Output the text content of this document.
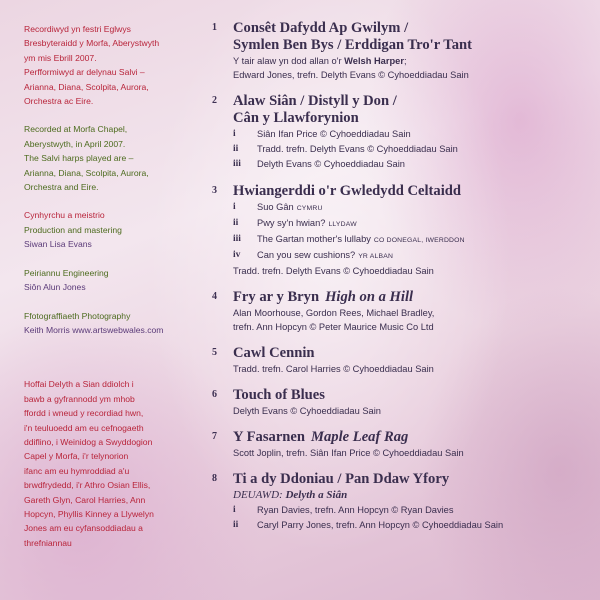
Recordiwyd yn festri Eglwys

Bresbyteraidd y Morfa, Aberystwyth

ym mis Ebrill 2007.

Perfformiwyd ar delynau Salvi –

Arianna, Diana, Scolpita, Aurora,

Orchestra ac Eire.

Recorded at Morfa Chapel,

Aberystwyth, in April 2007.

The Salvi harps played are –

Arianna, Diana, Scolpita, Aurora,

Orchestra and Eire.

Cynhyrchu a meistrio

Production and mastering

Siwan Lisa Evans

Peiriannu Engineering

Siôn Alun Jones

Ffotograffiaeth Photography

Keith Morris www.artswebwales.com

Hoffai Delyth a Sian ddiolch i

bawb a gyfrannodd ym mhob

ffordd i wneud y recordiad hwn,

i'n teuluoedd am eu cefnogaeth

ddiflino, i Weinidog a Swyddogion

Capel y Morfa, i'r telynorion

ifanc am eu hymroddiad a'u

brwdfrydedd, i'r Athro Osian Ellis,

Gareth Glyn, Carol Harries, Ann

Hopcyn, Phyllis Kinney a Llywelyn

Jones am eu cyfansoddiadau a

threfniannau

1	Consêt Dafydd Ap Gwilym /
Symlen Ben Bys / Erddigan Tro'r Tant
Y tair alaw yn dod allan o'r Welsh Harper;
Edward Jones, trefn. Delyth Evans © Cyhoeddiadau Sain
2	Alaw Siân / Distyll y Don /
Cân y Llawforynion
i Siân Ifan Price © Cyhoeddiadau Sain
ii Tradd. trefn. Delyth Evans © Cyhoeddiadau Sain
iii Delyth Evans © Cyhoeddiadau Sain
3	Hwiangerddi o'r Gwledydd Celtaidd
i Suo Gân CYMRU
ii Pwy sy'n hwian? LLYDAW
iii The Gartan mother's lullaby CO DONEGAL, IWERDDON
iv Can you sew cushions? YR ALBAN
Tradd. trefn. Delyth Evans © Cyhoeddiadau Sain
4	Fry ar y Bryn High on a Hill
Alan Moorhouse, Gordon Rees, Michael Bradley,
trefn. Ann Hopcyn © Peter Maurice Music Co Ltd
5	Cawl Cennin
Tradd. trefn. Carol Harries © Cyhoeddiadau Sain
6	Touch of Blues
Delyth Evans © Cyhoeddiadau Sain
7	Y Fasarnen Maple Leaf Rag
Scott Joplin, trefn. Siân Ifan Price © Cyhoeddiadau Sain
8	Ti a dy Ddoniau / Pan Ddaw Yfory
DEUAWD: Delyth a Siân
i Ryan Davies, trefn. Ann Hopcyn © Ryan Davies
ii Caryl Parry Jones, trefn. Ann Hopcyn © Cyhoeddiadau Sain
